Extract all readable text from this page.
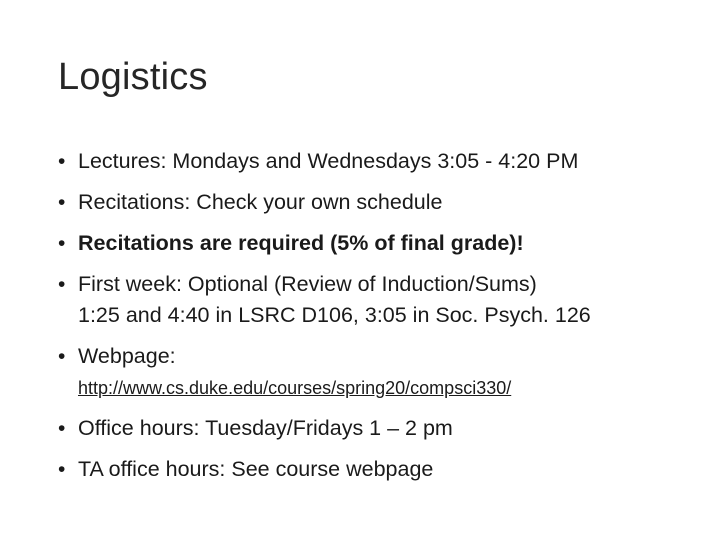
Logistics
• Lectures: Mondays and Wednesdays 3:05 - 4:20 PM
• Recitations: Check your own schedule
• Recitations are required (5% of final grade)!
• First week: Optional (Review of Induction/Sums)
1:25 and 4:40 in LSRC D106, 3:05 in Soc. Psych. 126
• Webpage:
http://www.cs.duke.edu/courses/spring20/compsci330/
• Office hours: Tuesday/Fridays 1 – 2 pm
• TA office hours: See course webpage
